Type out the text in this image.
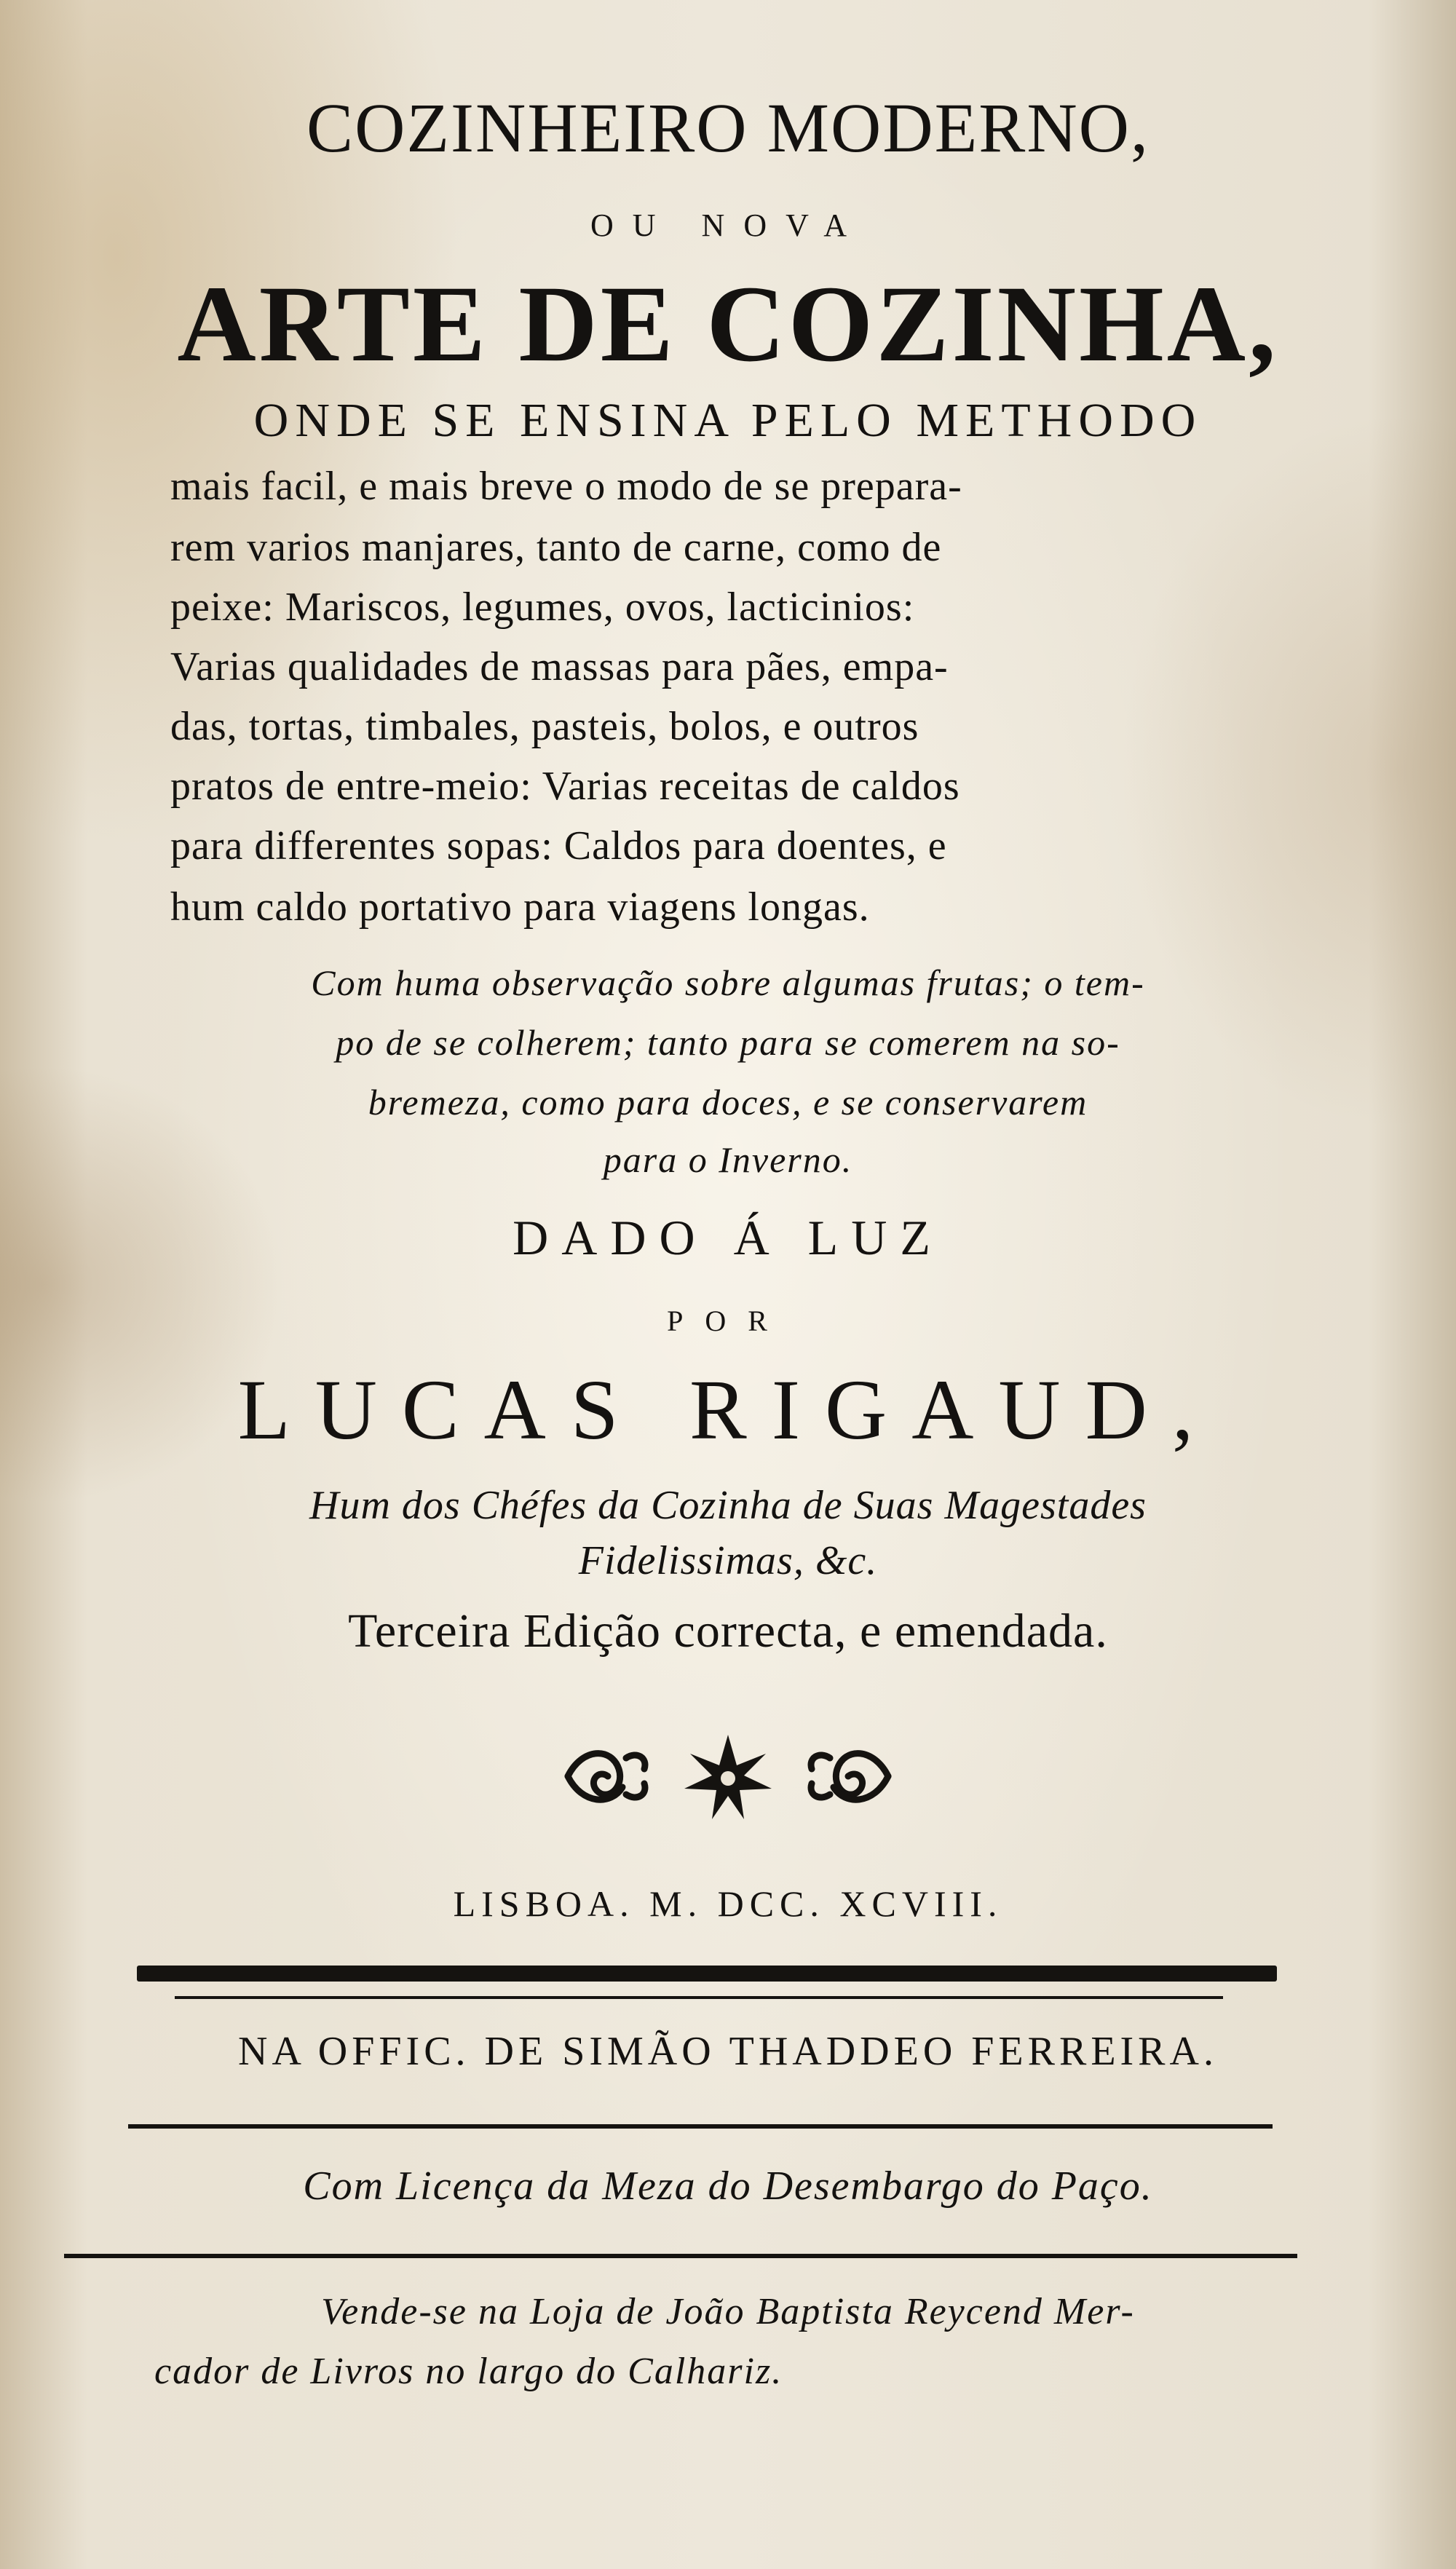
COZINHEIRO MODERNO,
OU NOVA
ARTE DE COZINHA,
ONDE SE ENSINA PELO METHODO
mais facil, e mais breve o modo de se prepara-
rem varios manjares, tanto de carne, como de
peixe: Mariscos, legumes, ovos, lacticinios:
Varias qualidades de massas para pães, empa-
das, tortas, timbales, pasteis, bolos, e outros
pratos de entre-meio: Varias receitas de caldos
para differentes sopas: Caldos para doentes, e
hum caldo portativo para viagens longas.
Com huma observação sobre algumas frutas; o tem-
po de se colherem; tanto para se comerem na so-
bremeza, como para doces, e se conservarem
para o Inverno.
DADO Á LUZ
POR
LUCAS RIGAUD,
Hum dos Chéfes da Cozinha de Suas Magestades
Fidelissimas, &c.
Terceira Edição correcta, e emendada.
LISBOA. M. DCC. XCVIII.
NA OFFIC. DE SIMÃO THADDEO FERREIRA.
Com Licença da Meza do Desembargo do Paço.
Vende-se na Loja de João Baptista Reycend Mer-
cador de Livros no largo do Calhariz.
